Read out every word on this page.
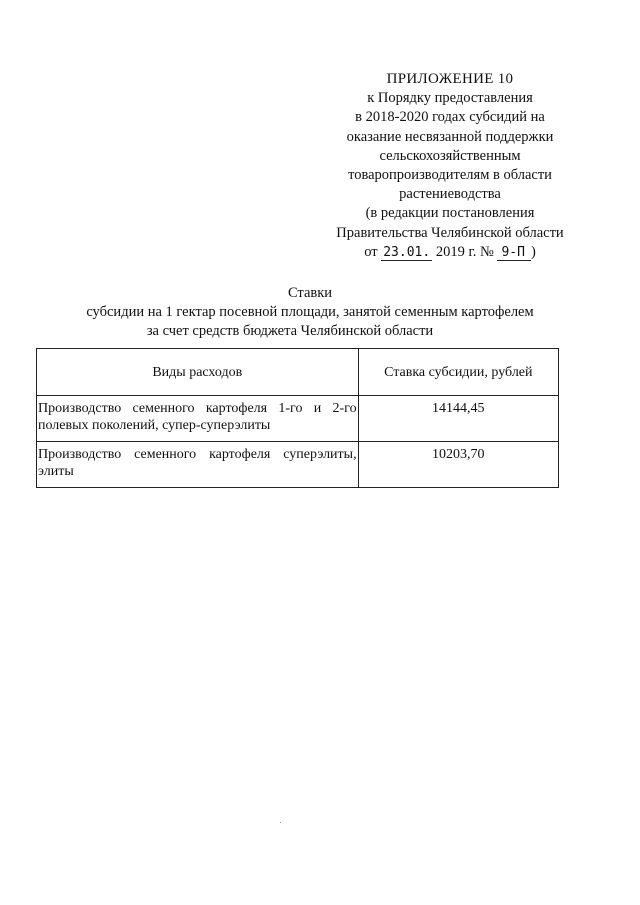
ПРИЛОЖЕНИЕ 10
к Порядку предоставления
в 2018-2020 годах субсидий на
оказание несвязанной поддержки
сельскохозяйственным
товаропроизводителям в области
растениеводства
(в редакции постановления
Правительства Челябинской области
от 23.01. 2019 г. № 9-П )
Ставки
субсидии на 1 гектар посевной площади, занятой семенным картофелем
за счет средств бюджета Челябинской области
Виды расходов	Ставка субсидии, рублей
Производство семенного картофеля 1-го и 2-го полевых поколений, супер-суперэлиты	14144,45
Производство семенного картофеля суперэлиты, элиты	10203,70
